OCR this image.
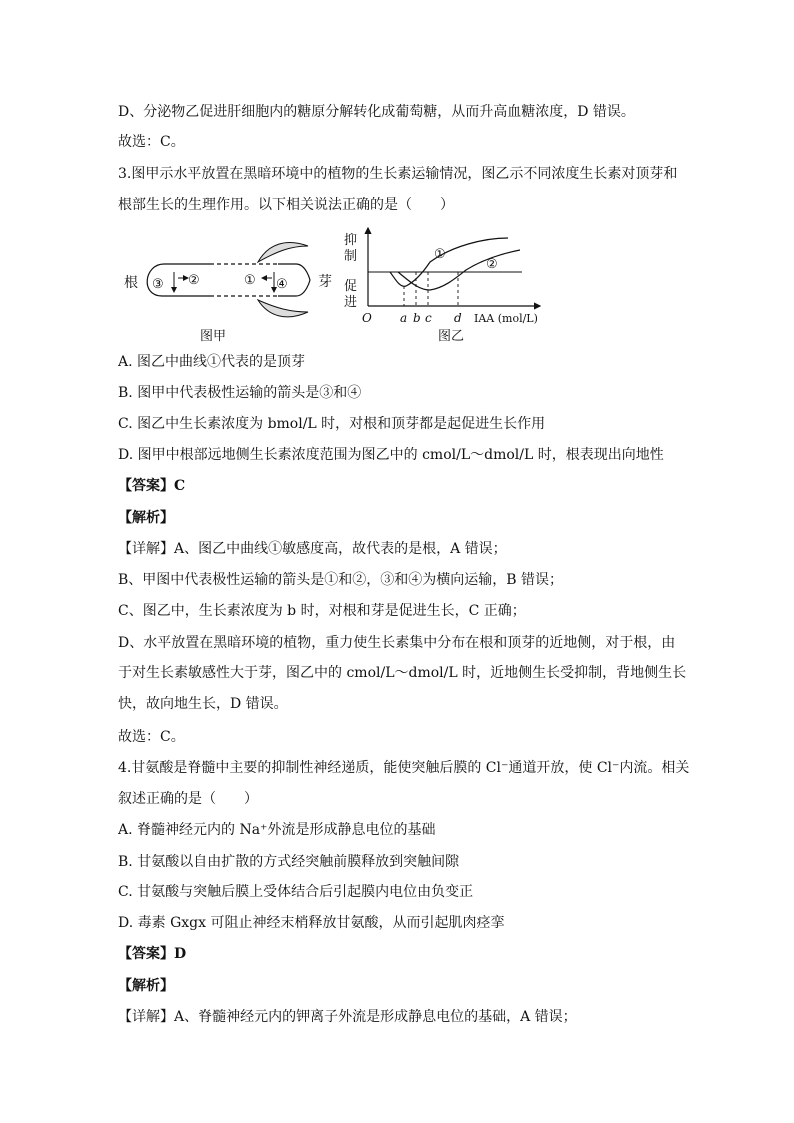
D、分泌物乙促进肝细胞内的糖原分解转化成葡萄糖，从而升高血糖浓度，D 错误。
故选：C。
3.图甲示水平放置在黑暗环境中的植物的生长素运输情况，图乙示不同浓度生长素对顶芽和
根部生长的生理作用。以下相关说法正确的是（　　）
根	芽
③ ②	① ④
图甲
抑
制
促
进
O
①
②
a b c d IAA (mol/L)
图乙
A. 图乙中曲线①代表的是顶芽
B. 图甲中代表极性运输的箭头是③和④
C. 图乙中生长素浓度为 bmol/L 时，对根和顶芽都是起促进生长作用
D. 图甲中根部远地侧生长素浓度范围为图乙中的 cmol/L～dmol/L 时，根表现出向地性
【答案】C
【解析】
【详解】A、图乙中曲线①敏感度高，故代表的是根，A 错误；
B、甲图中代表极性运输的箭头是①和②，③和④为横向运输，B 错误；
C、图乙中，生长素浓度为 b 时，对根和芽是促进生长，C 正确；
D、水平放置在黑暗环境的植物，重力使生长素集中分布在根和顶芽的近地侧，对于根，由
于对生长素敏感性大于芽，图乙中的 cmol/L～dmol/L 时，近地侧生长受抑制，背地侧生长
快，故向地生长，D 错误。
故选：C。
4.甘氨酸是脊髓中主要的抑制性神经递质，能使突触后膜的 Cl⁻通道开放，使 Cl⁻内流。相关
叙述正确的是（　　）
A. 脊髓神经元内的 Na⁺外流是形成静息电位的基础
B. 甘氨酸以自由扩散的方式经突触前膜释放到突触间隙
C. 甘氨酸与突触后膜上受体结合后引起膜内电位由负变正
D. 毒素 Gxgx 可阻止神经末梢释放甘氨酸，从而引起肌肉痉挛
【答案】D
【解析】
【详解】A、脊髓神经元内的钾离子外流是形成静息电位的基础，A 错误；
